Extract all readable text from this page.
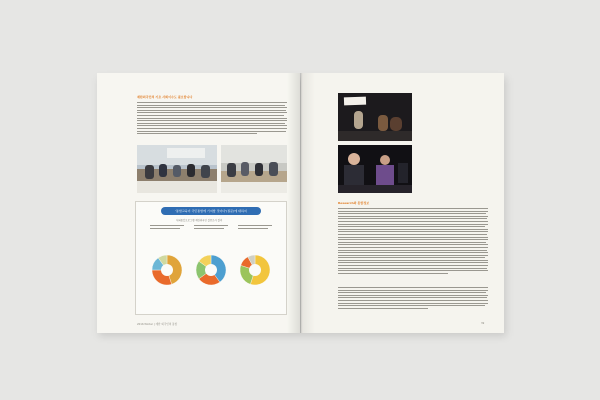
재한외국인의 기초 사회이수도 필요합니다
'통합교육이 국민통합에 기여할 것이다'(질문)에 대하여
사회통합프로그램 재한외국인 설문조사 결과
2016 Winter | 재한 외국인의 통합
Research와 통합정보
39
